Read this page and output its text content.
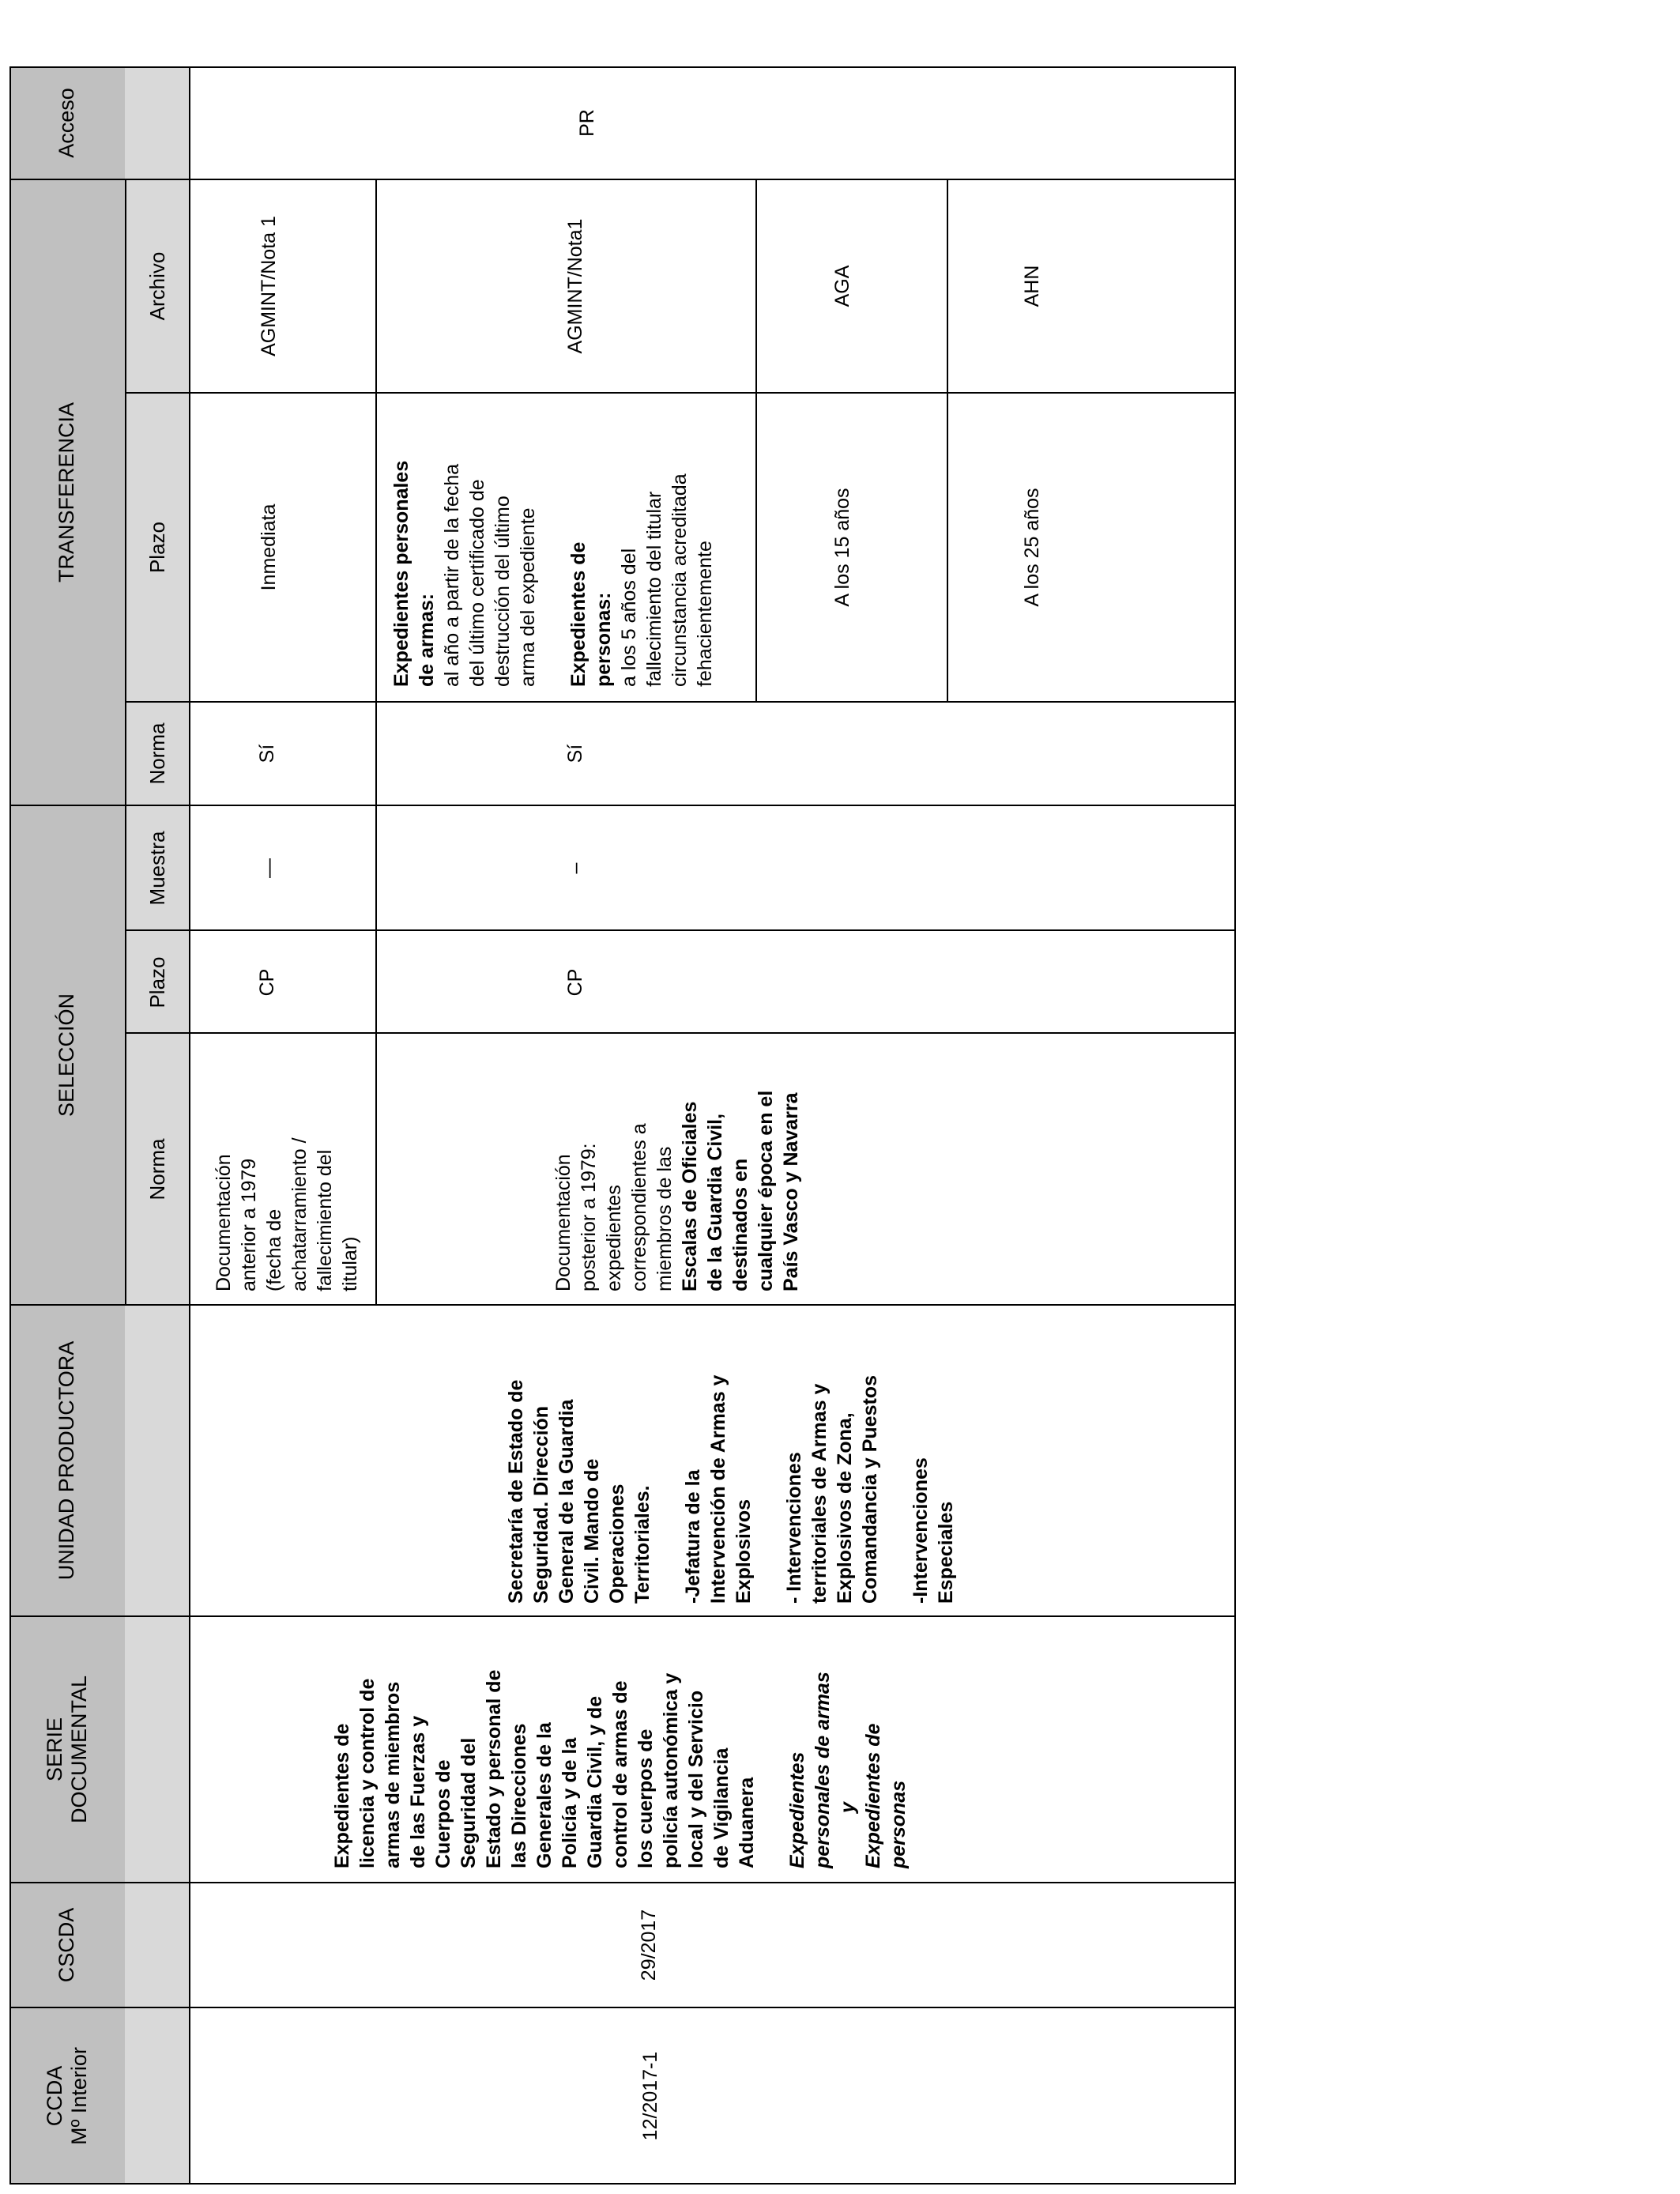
CCDA Mº Interior
CSCDA
SERIE DOCUMENTAL
UNIDAD PRODUCTORA
SELECCIÓN
TRANSFERENCIA
Acceso
Norma
Plazo
Muestra
Norma
Plazo
Archivo
12/2017-1
29/2017
Expedientes de licencia y control de armas de miembros de las Fuerzas y Cuerpos de Seguridad del Estado y personal de las Direcciones Generales de la Policía y de la Guardia Civil, y de control de armas de los cuerpos de policía autonómica y local y del Servicio de Vigilancia Aduanera Expedientes personales de armas y Expedientes de personas
Secretaría de Estado de Seguridad. Dirección General de la Guardia Civil. Mando de Operaciones Territoriales. -Jefatura de la Intervención de Armas y Explosivos - Intervenciones territoriales de Armas y Explosivos de Zona, Comandancia y Puestos -Intervenciones Especiales
Documentación anterior a 1979 (fecha de achatarramiento / fallecimiento del titular)
CP
—
Documentación posterior a 1979: expedientes correspondientes a miembros de las Escalas de Oficiales de la Guardia Civil, destinados en cualquier época en el País Vasco y Navarra
CP
–
Sí
Inmediata
AGMINT/Nota 1
Sí
Expedientes personales de armas: al año a partir de la fecha del último certificado de destrucción del último arma del expediente Expedientes de personas: a los 5 años del fallecimiento del titular circunstancia acreditada fehacientemente
AGMINT/Nota1
A los 15 años
AGA
A los 25 años
AHN
PR
